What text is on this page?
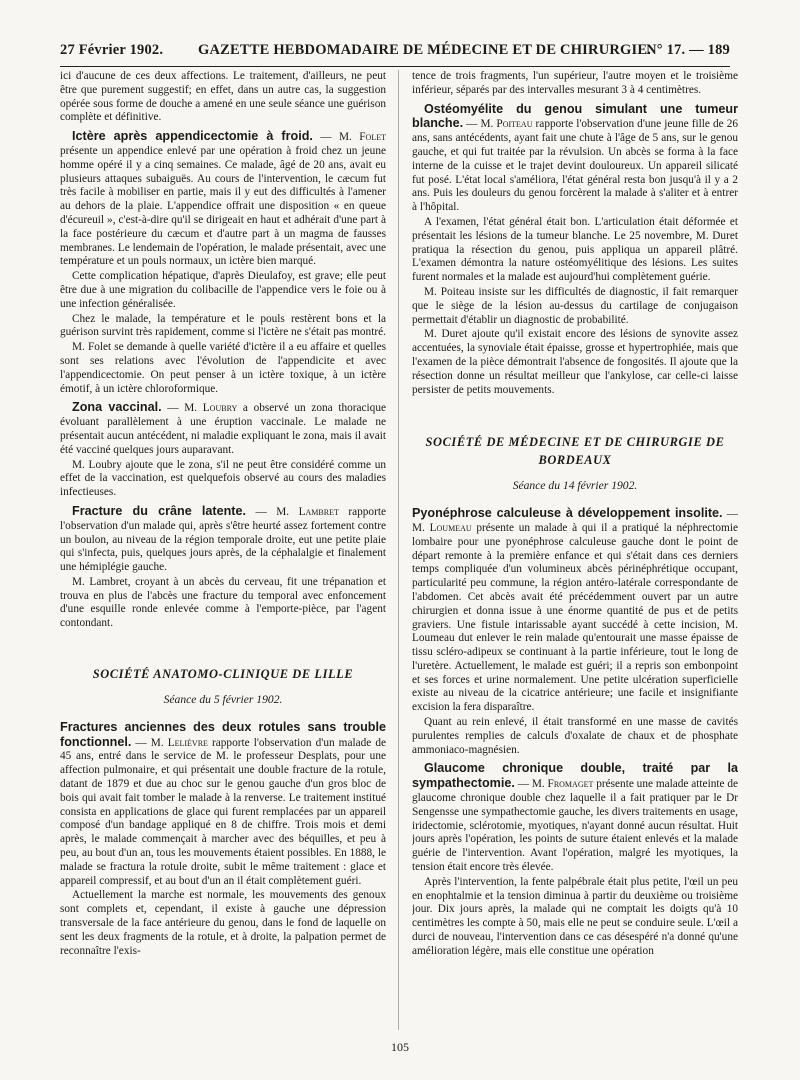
27 Février 1902. GAZETTE HEBDOMADAIRE DE MÉDECINE ET DE CHIRURGIE.
N° 17. — 189

ici d'aucune de ces deux affections. Le traitement, d'ailleurs, ne peut être que purement suggestif; en effet, dans un autre cas, la suggestion opérée sous forme de douche a amené en une seule séance une guérison complète et définitive.

Ictère après appendicectomie à froid. — M. Folet présente un appendice enlevé par une opération à froid chez un jeune homme opéré il y a cinq semaines. Ce malade, âgé de 20 ans, avait eu plusieurs attaques subaiguës. Au cours de l'intervention, le cæcum fut très facile à mobiliser en partie, mais il y eut des difficultés à l'amener au dehors de la plaie. L'appendice offrait une disposition « en queue d'écureuil », c'est-à-dire qu'il se dirigeait en haut et adhérait d'une part à la face postérieure du cæcum et d'autre part à un magma de fausses membranes. Le lendemain de l'opération, le malade présentait, avec une température et un pouls normaux, un ictère bien marqué.

Cette complication hépatique, d'après Dieulafoy, est grave; elle peut être due à une migration du colibacille de l'appendice vers le foie ou à une infection généralisée.

Chez le malade, la température et le pouls restèrent bons et la guérison survint très rapidement, comme si l'ictère ne s'était pas montré.

M. Folet se demande à quelle variété d'ictère il a eu affaire et quelles sont ses relations avec l'évolution de l'appendicite et avec l'appendicectomie. On peut penser à un ictère toxique, à un ictère émotif, à un ictère chloroformique.

Zona vaccinal. — M. Loubry a observé un zona thoracique évoluant parallèlement à une éruption vaccinale. Le malade ne présentait aucun antécédent, ni maladie expliquant le zona, mais il avait été vacciné quelques jours auparavant.

M. Loubry ajoute que le zona, s'il ne peut être considéré comme un effet de la vaccination, est quelquefois observé au cours des maladies infectieuses.

Fracture du crâne latente. — M. Lambret rapporte l'observation d'un malade qui, après s'être heurté assez fortement contre un boulon, au niveau de la région temporale droite, eut une petite plaie qui s'infecta, puis, quelques jours après, de la céphalalgie et finalement une hémiplégie gauche.

M. Lambret, croyant à un abcès du cerveau, fit une trépanation et trouva en plus de l'abcès une fracture du temporal avec enfoncement d'une esquille ronde enlevée comme à l'emporte-pièce, par l'agent contondant.

SOCIÉTÉ ANATOMO-CLINIQUE DE LILLE
Séance du 5 février 1902.

Fractures anciennes des deux rotules sans trouble fonctionnel. — M. Lelièvre rapporte l'observation d'un malade de 45 ans, entré dans le service de M. le professeur Desplats, pour une affection pulmonaire, et qui présentait une double fracture de la rotule, datant de 1879 et due au choc sur le genou gauche d'un gros bloc de bois qui avait fait tomber le malade à la renverse. Le traitement institué consista en applications de glace qui furent remplacées par un appareil composé d'un bandage appliqué en 8 de chiffre. Trois mois et demi après, le malade commençait à marcher avec des béquilles, et peu à peu, au bout d'un an, tous les mouvements étaient possibles. En 1888, le malade se fractura la rotule droite, subit le même traitement : glace et appareil compressif, et au bout d'un an il était complètement guéri.

Actuellement la marche est normale, les mouvements des genoux sont complets et, cependant, il existe à gauche une dépression transversale de la face antérieure du genou, dans le fond de laquelle on sent les deux fragments de la rotule, et à droite, la palpation permet de reconnaître l'exis-

tence de trois fragments, l'un supérieur, l'autre moyen et le troisième inférieur, séparés par des intervalles mesurant 3 à 4 centimètres.

Ostéomyélite du genou simulant une tumeur blanche. — M. Poiteau rapporte l'observation d'une jeune fille de 26 ans, sans antécédents, ayant fait une chute à l'âge de 5 ans, sur le genou gauche, et qui fut traitée par la révulsion. Un abcès se forma à la face interne de la cuisse et le trajet devint douloureux. Un appareil silicaté fut posé. L'état local s'améliora, l'état général resta bon jusqu'à il y a 2 ans. Puis les douleurs du genou forcèrent la malade à s'aliter et à entrer à l'hôpital.

A l'examen, l'état général était bon. L'articulation était déformée et présentait les lésions de la tumeur blanche. Le 25 novembre, M. Duret pratiqua la résection du genou, puis appliqua un appareil plâtré. L'examen démontra la nature ostéomyélitique des lésions. Les suites furent normales et la malade est aujourd'hui complètement guérie.

M. Poiteau insiste sur les difficultés de diagnostic, il fait remarquer que le siège de la lésion au-dessus du cartilage de conjugaison permettait d'établir un diagnostic de probabilité.

M. Duret ajoute qu'il existait encore des lésions de synovite assez accentuées, la synoviale était épaisse, grosse et hypertrophiée, mais que l'examen de la pièce démontrait l'absence de fongosités. Il ajoute que la résection donne un résultat meilleur que l'ankylose, car celle-ci laisse persister de petits mouvements.

SOCIÉTÉ DE MÉDECINE ET DE CHIRURGIE DE BORDEAUX
Séance du 14 février 1902.

Pyonéphrose calculeuse à développement insolite. — M. Loumeau présente un malade à qui il a pratiqué la néphrectomie lombaire pour une pyonéphrose calculeuse gauche dont le point de départ remonte à la première enfance et qui s'était dans ces derniers temps compliquée d'un volumineux abcès périnéphrétique occupant, particularité peu commune, la région antéro-latérale correspondante de l'abdomen. Cet abcès avait été précédemment ouvert par un autre chirurgien et donna issue à une énorme quantité de pus et de petits graviers. Une fistule intarissable ayant succédé à cette incision, M. Loumeau dut enlever le rein malade qu'entourait une masse épaisse de tissu scléro-adipeux se continuant à la partie inférieure, tout le long de l'uretère. Actuellement, le malade est guéri; il a repris son embonpoint et ses forces et urine normalement. Une petite ulcération superficielle existe au niveau de la cicatrice antérieure; une facile et insignifiante excision la fera disparaître.

Quant au rein enlevé, il était transformé en une masse de cavités purulentes remplies de calculs d'oxalate de chaux et de phosphate ammoniaco-magnésien.

Glaucome chronique double, traité par la sympathectomie. — M. Fromaget présente une malade atteinte de glaucome chronique double chez laquelle il a fait pratiquer par le Dr Sengensse une sympathectomie gauche, les divers traitements en usage, iridectomie, sclérotomie, myotiques, n'ayant donné aucun résultat. Huit jours après l'opération, les points de suture étaient enlevés et la malade guérie de l'intervention. Avant l'opération, malgré les myotiques, la tension était encore très élevée.

Après l'intervention, la fente palpébrale était plus petite, l'œil un peu en enophtalmie et la tension diminua à partir du deuxième ou troisième jour. Dix jours après, la malade qui ne comptait les doigts qu'à 10 centimètres les compte à 50, mais elle ne peut se conduire seule. L'œil a durci de nouveau, l'intervention dans ce cas désespéré n'a donné qu'une amélioration légère, mais elle constitue une opération

105
